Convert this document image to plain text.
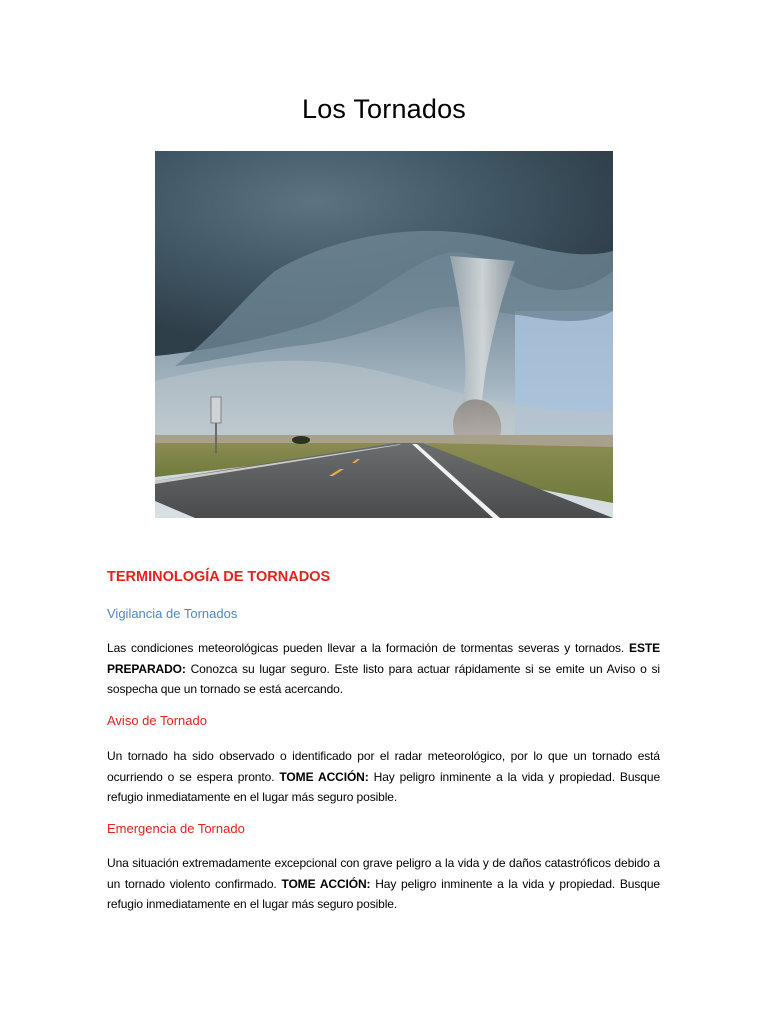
Los Tornados
TERMINOLOGÍA DE TORNADOS
Vigilancia de Tornados

Las condiciones meteorológicas pueden llevar a la formación de tormentas severas y tornados. ESTE PREPARADO: Conozca su lugar seguro. Este listo para actuar rápidamente si se emite un Aviso o si sospecha que un tornado se está acercando.

Aviso de Tornado

Un tornado ha sido observado o identificado por el radar meteorológico, por lo que un tornado está ocurriendo o se espera pronto. TOME ACCIÓN: Hay peligro inminente a la vida y propiedad. Busque refugio inmediatamente en el lugar más seguro posible.

Emergencia de Tornado

Una situación extremadamente excepcional con grave peligro a la vida y de daños catastróficos debido a un tornado violento confirmado. TOME ACCIÓN: Hay peligro inminente a la vida y propiedad. Busque refugio inmediatamente en el lugar más seguro posible.
